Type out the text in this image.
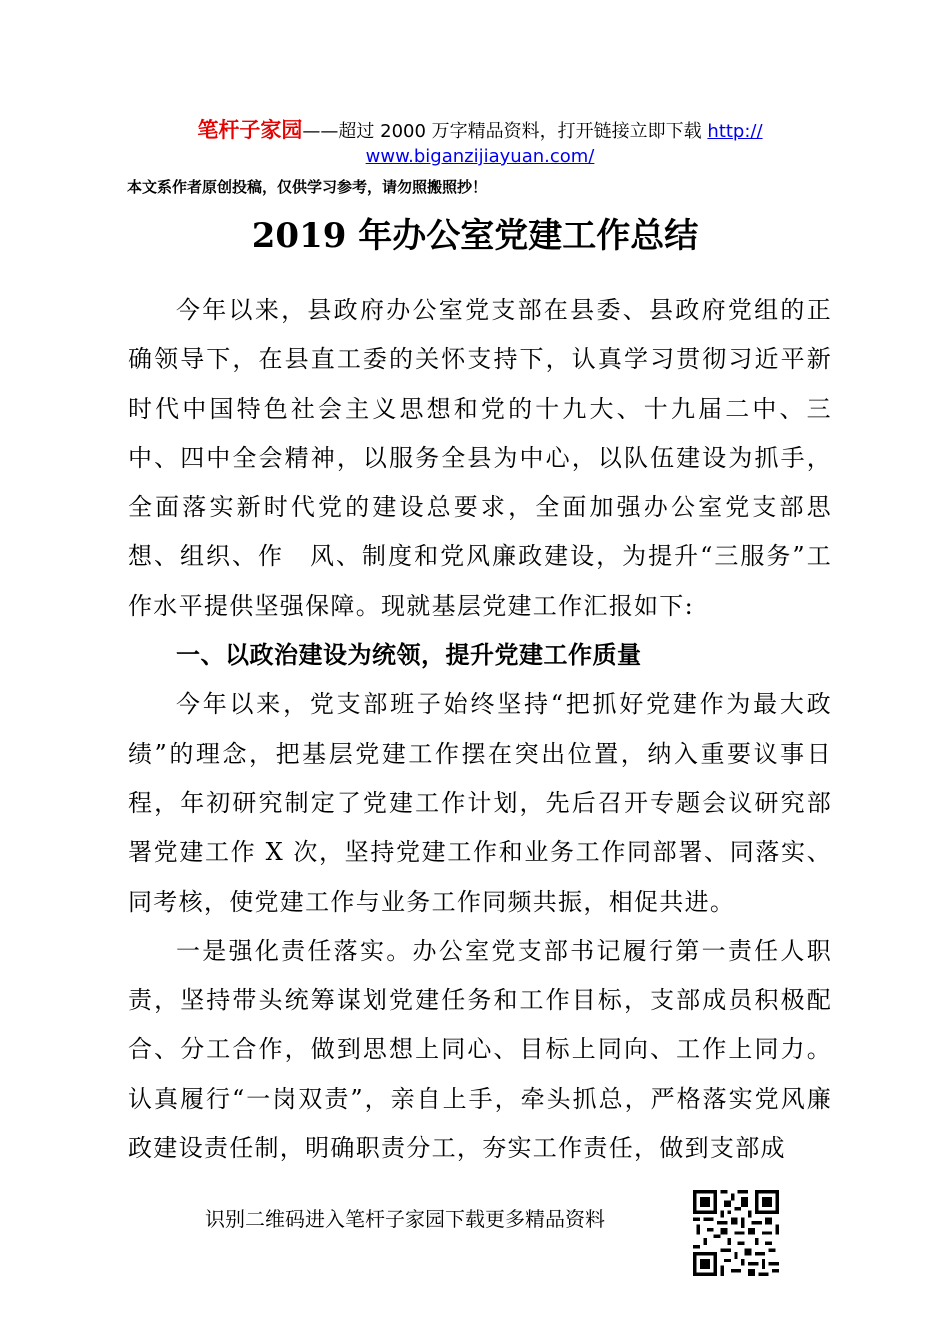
笔杆子家园——超过 2000 万字精品资料，打开链接立即下载 http://
www.biganzijiayuan.com/
本文系作者原创投稿，仅供学习参考，请勿照搬照抄！
2019 年办公室党建工作总结

今年以来，县政府办公室党支部在县委、县政府党组的正确领导下，在县直工委的关怀支持下，认真学习贯彻习近平新时代中国特色社会主义思想和党的十九大、十九届二中、三中、四中全会精神，以服务全县为中心，以队伍建设为抓手，全面落实新时代党的建设总要求，全面加强办公室党支部思想、组织、作　风、制度和党风廉政建设，为提升“三服务”工作水平提供坚强保障。现就基层党建工作汇报如下:

一、以政治建设为统领，提升党建工作质量

今年以来，党支部班子始终坚持“把抓好党建作为最大政绩”的理念，把基层党建工作摆在突出位置，纳入重要议事日程，年初研究制定了党建工作计划，先后召开专题会议研究部署党建工作 X 次，坚持党建工作和业务工作同部署、同落实、同考核，使党建工作与业务工作同频共振，相促共进。

一是强化责任落实。办公室党支部书记履行第一责任人职责，坚持带头统筹谋划党建任务和工作目标，支部成员积极配合、分工合作，做到思想上同心、目标上同向、工作上同力。认真履行“一岗双责”，亲自上手，牵头抓总，严格落实党风廉政建设责任制，明确职责分工，夯实工作责任，做到支部成

识别二维码进入笔杆子家园下载更多精品资料
